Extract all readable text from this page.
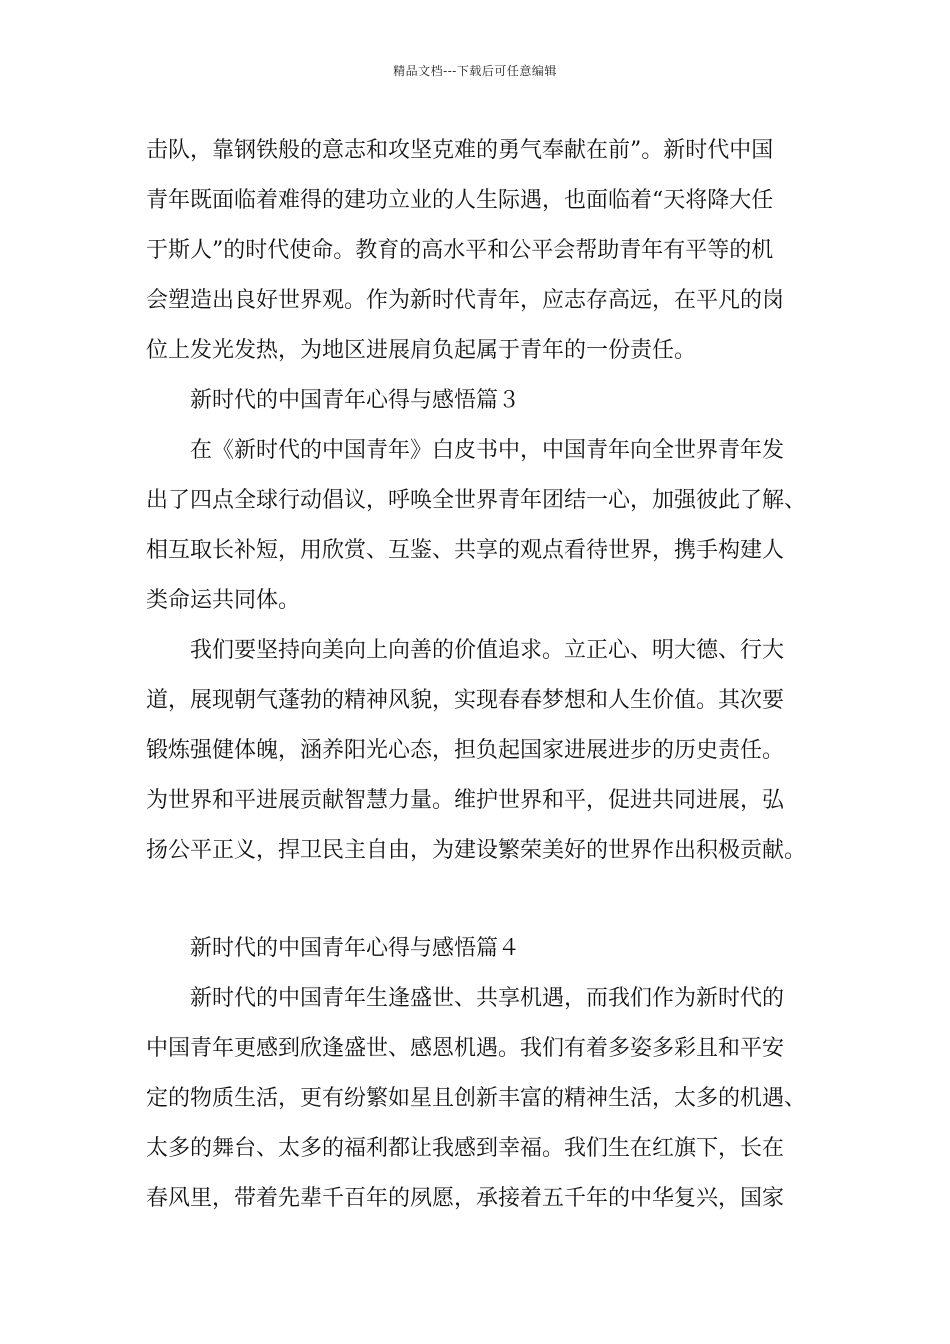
精品文档---下载后可任意编辑
击队，靠钢铁般的意志和攻坚克难的勇气奉献在前”。新时代中国
青年既面临着难得的建功立业的人生际遇，也面临着“天将降大任
于斯人”的时代使命。教育的高水平和公平会帮助青年有平等的机
会塑造出良好世界观。作为新时代青年，应志存高远，在平凡的岗
位上发光发热，为地区进展肩负起属于青年的一份责任。
新时代的中国青年心得与感悟篇３
在《新时代的中国青年》白皮书中，中国青年向全世界青年发
出了四点全球行动倡议，呼唤全世界青年团结一心，加强彼此了解、
相互取长补短，用欣赏、互鉴、共享的观点看待世界，携手构建人
类命运共同体。
我们要坚持向美向上向善的价值追求。立正心、明大德、行大
道，展现朝气蓬勃的精神风貌，实现春春梦想和人生价值。其次要
锻炼强健体魄，涵养阳光心态，担负起国家进展进步的历史责任。
为世界和平进展贡献智慧力量。维护世界和平，促进共同进展，弘
扬公平正义，捍卫民主自由，为建设繁荣美好的世界作出积极贡献。
新时代的中国青年心得与感悟篇４
新时代的中国青年生逢盛世、共享机遇，而我们作为新时代的
中国青年更感到欣逢盛世、感恩机遇。我们有着多姿多彩且和平安
定的物质生活，更有纷繁如星且创新丰富的精神生活，太多的机遇、
太多的舞台、太多的福利都让我感到幸福。我们生在红旗下，长在
春风里，带着先辈千百年的夙愿，承接着五千年的中华复兴，国家
